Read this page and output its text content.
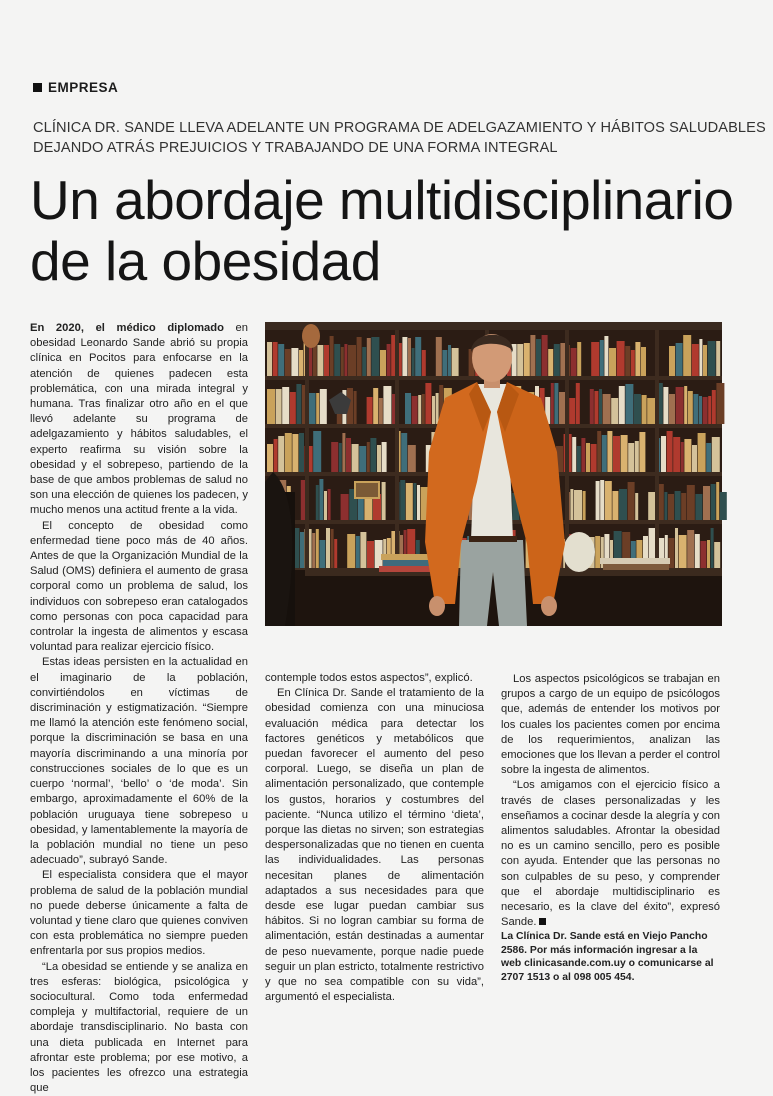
EMPRESA
CLÍNICA DR. SANDE LLEVA ADELANTE UN PROGRAMA DE ADELGAZAMIENTO Y HÁBITOS SALUDABLES
DEJANDO ATRÁS PREJUICIOS Y TRABAJANDO DE UNA FORMA INTEGRAL
Un abordaje multidisciplinario
de la obesidad

En 2020, el médico diplomado en obesidad Leonardo Sande abrió su propia clínica en Pocitos para enfocarse en la atención de quienes padecen esta problemática, con una mirada integral y humana. Tras finalizar otro año en el que llevó adelante su programa de adelgazamiento y hábitos saludables, el experto reafirma su visión sobre la obesidad y el sobrepeso, partiendo de la base de que ambos problemas de salud no son una elección de quienes los padecen, y mucho menos una actitud frente a la vida.

El concepto de obesidad como enfermedad tiene poco más de 40 años. Antes de que la Organización Mundial de la Salud (OMS) definiera el aumento de grasa corporal como un problema de salud, los individuos con sobrepeso eran catalogados como personas con poca capacidad para controlar la ingesta de alimentos y escasa voluntad para realizar ejercicio físico.

Estas ideas persisten en la actualidad en el imaginario de la población, convirtiéndolos en víctimas de discriminación y estigmatización. “Siempre me llamó la atención este fenómeno social, porque la discriminación se basa en una mayoría discriminando a una minoría por construcciones sociales de lo que es un cuerpo ‘normal’, ‘bello’ o ‘de moda’. Sin embargo, aproximadamente el 60% de la población uruguaya tiene sobrepeso u obesidad, y lamentablemente la mayoría de la población mundial no tiene un peso adecuado”, subrayó Sande.

El especialista considera que el mayor problema de salud de la población mundial no puede deberse únicamente a falta de voluntad y tiene claro que quienes conviven con esta problemática no siempre pueden enfrentarla por sus propios medios.

“La obesidad se entiende y se analiza en tres esferas: biológica, psicológica y sociocultural. Como toda enfermedad compleja y multifactorial, requiere de un abordaje transdisciplinario. No basta con una dieta publicada en Internet para afrontar este problema; por ese motivo, a los pacientes les ofrezco una estrategia que

contemple todos estos aspectos”, explicó.

En Clínica Dr. Sande el tratamiento de la obesidad comienza con una minuciosa evaluación médica para detectar los factores genéticos y metabólicos que puedan favorecer el aumento del peso corporal. Luego, se diseña un plan de alimentación personalizado, que contemple los gustos, horarios y costumbres del paciente. “Nunca utilizo el término ‘dieta’, porque las dietas no sirven; son estrategias despersonalizadas que no tienen en cuenta las individualidades. Las personas necesitan planes de alimentación adaptados a sus necesidades para que desde ese lugar puedan cambiar sus hábitos. Si no logran cambiar su forma de alimentación, están destinadas a aumentar de peso nuevamente, porque nadie puede seguir un plan estricto, totalmente restrictivo y que no sea compatible con su vida”, argumentó el especialista.

Los aspectos psicológicos se trabajan en grupos a cargo de un equipo de psicólogos que, además de entender los motivos por los cuales los pacientes comen por encima de los requerimientos, analizan las emociones que los llevan a perder el control sobre la ingesta de alimentos.

“Los amigamos con el ejercicio físico a través de clases personalizadas y les enseñamos a cocinar desde la alegría y con alimentos saludables. Afrontar la obesidad no es un camino sencillo, pero es posible con ayuda. Entender que las personas no son culpables de su peso, y comprender que el abordaje multidisciplinario es necesario, es la clave del éxito”, expresó Sande.

La Clínica Dr. Sande está en Viejo Pancho 2586. Por más información ingresar a la web clinicasande.com.uy o comunicarse al 2707 1513 o al 098 005 454.
